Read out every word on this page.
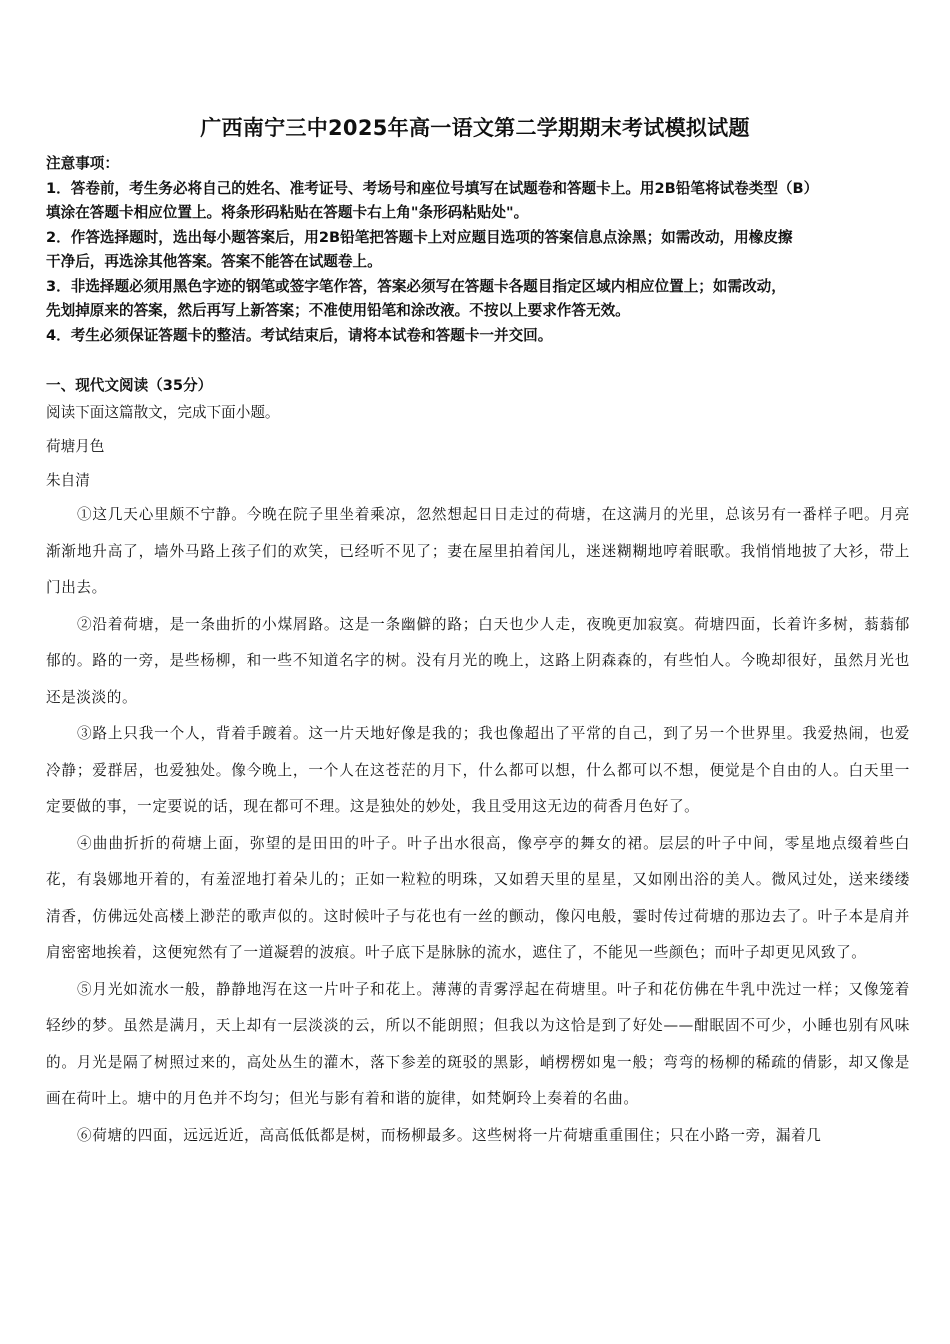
广西南宁三中2025年高一语文第二学期期末考试模拟试题
注意事项：
1．答卷前，考生务必将自己的姓名、准考证号、考场号和座位号填写在试题卷和答题卡上。用2B铅笔将试卷类型（B）
填涂在答题卡相应位置上。将条形码粘贴在答题卡右上角"条形码粘贴处"。
2．作答选择题时，选出每小题答案后，用2B铅笔把答题卡上对应题目选项的答案信息点涂黑；如需改动，用橡皮擦
干净后，再选涂其他答案。答案不能答在试题卷上。
3．非选择题必须用黑色字迹的钢笔或签字笔作答，答案必须写在答题卡各题目指定区域内相应位置上；如需改动，
先划掉原来的答案，然后再写上新答案；不准使用铅笔和涂改液。不按以上要求作答无效。
4．考生必须保证答题卡的整洁。考试结束后，请将本试卷和答题卡一并交回。
一、现代文阅读（35分）
阅读下面这篇散文，完成下面小题。
荷塘月色
朱自清

①这几天心里颇不宁静。今晚在院子里坐着乘凉，忽然想起日日走过的荷塘，在这满月的光里，总该另有一番样子吧。月亮渐渐地升高了，墙外马路上孩子们的欢笑，已经听不见了；妻在屋里拍着闰儿，迷迷糊糊地哼着眠歌。我悄悄地披了大衫，带上门出去。

②沿着荷塘，是一条曲折的小煤屑路。这是一条幽僻的路；白天也少人走，夜晚更加寂寞。荷塘四面，长着许多树，蓊蓊郁郁的。路的一旁，是些杨柳，和一些不知道名字的树。没有月光的晚上，这路上阴森森的，有些怕人。今晚却很好，虽然月光也还是淡淡的。

③路上只我一个人，背着手踱着。这一片天地好像是我的；我也像超出了平常的自己，到了另一个世界里。我爱热闹，也爱冷静；爱群居，也爱独处。像今晚上，一个人在这苍茫的月下，什么都可以想，什么都可以不想，便觉是个自由的人。白天里一定要做的事，一定要说的话，现在都可不理。这是独处的妙处，我且受用这无边的荷香月色好了。

④曲曲折折的荷塘上面，弥望的是田田的叶子。叶子出水很高，像亭亭的舞女的裙。层层的叶子中间，零星地点缀着些白花，有袅娜地开着的，有羞涩地打着朵儿的；正如一粒粒的明珠，又如碧天里的星星，又如刚出浴的美人。微风过处，送来缕缕清香，仿佛远处高楼上渺茫的歌声似的。这时候叶子与花也有一丝的颤动，像闪电般，霎时传过荷塘的那边去了。叶子本是肩并肩密密地挨着，这便宛然有了一道凝碧的波痕。叶子底下是脉脉的流水，遮住了，不能见一些颜色；而叶子却更见风致了。

⑤月光如流水一般，静静地泻在这一片叶子和花上。薄薄的青雾浮起在荷塘里。叶子和花仿佛在牛乳中洗过一样；又像笼着轻纱的梦。虽然是满月，天上却有一层淡淡的云，所以不能朗照；但我以为这恰是到了好处——酣眠固不可少，小睡也别有风味的。月光是隔了树照过来的，高处丛生的灌木，落下参差的斑驳的黑影，峭楞楞如鬼一般；弯弯的杨柳的稀疏的倩影，却又像是画在荷叶上。塘中的月色并不均匀；但光与影有着和谐的旋律，如梵婀玲上奏着的名曲。

⑥荷塘的四面，远远近近，高高低低都是树，而杨柳最多。这些树将一片荷塘重重围住；只在小路一旁，漏着几
